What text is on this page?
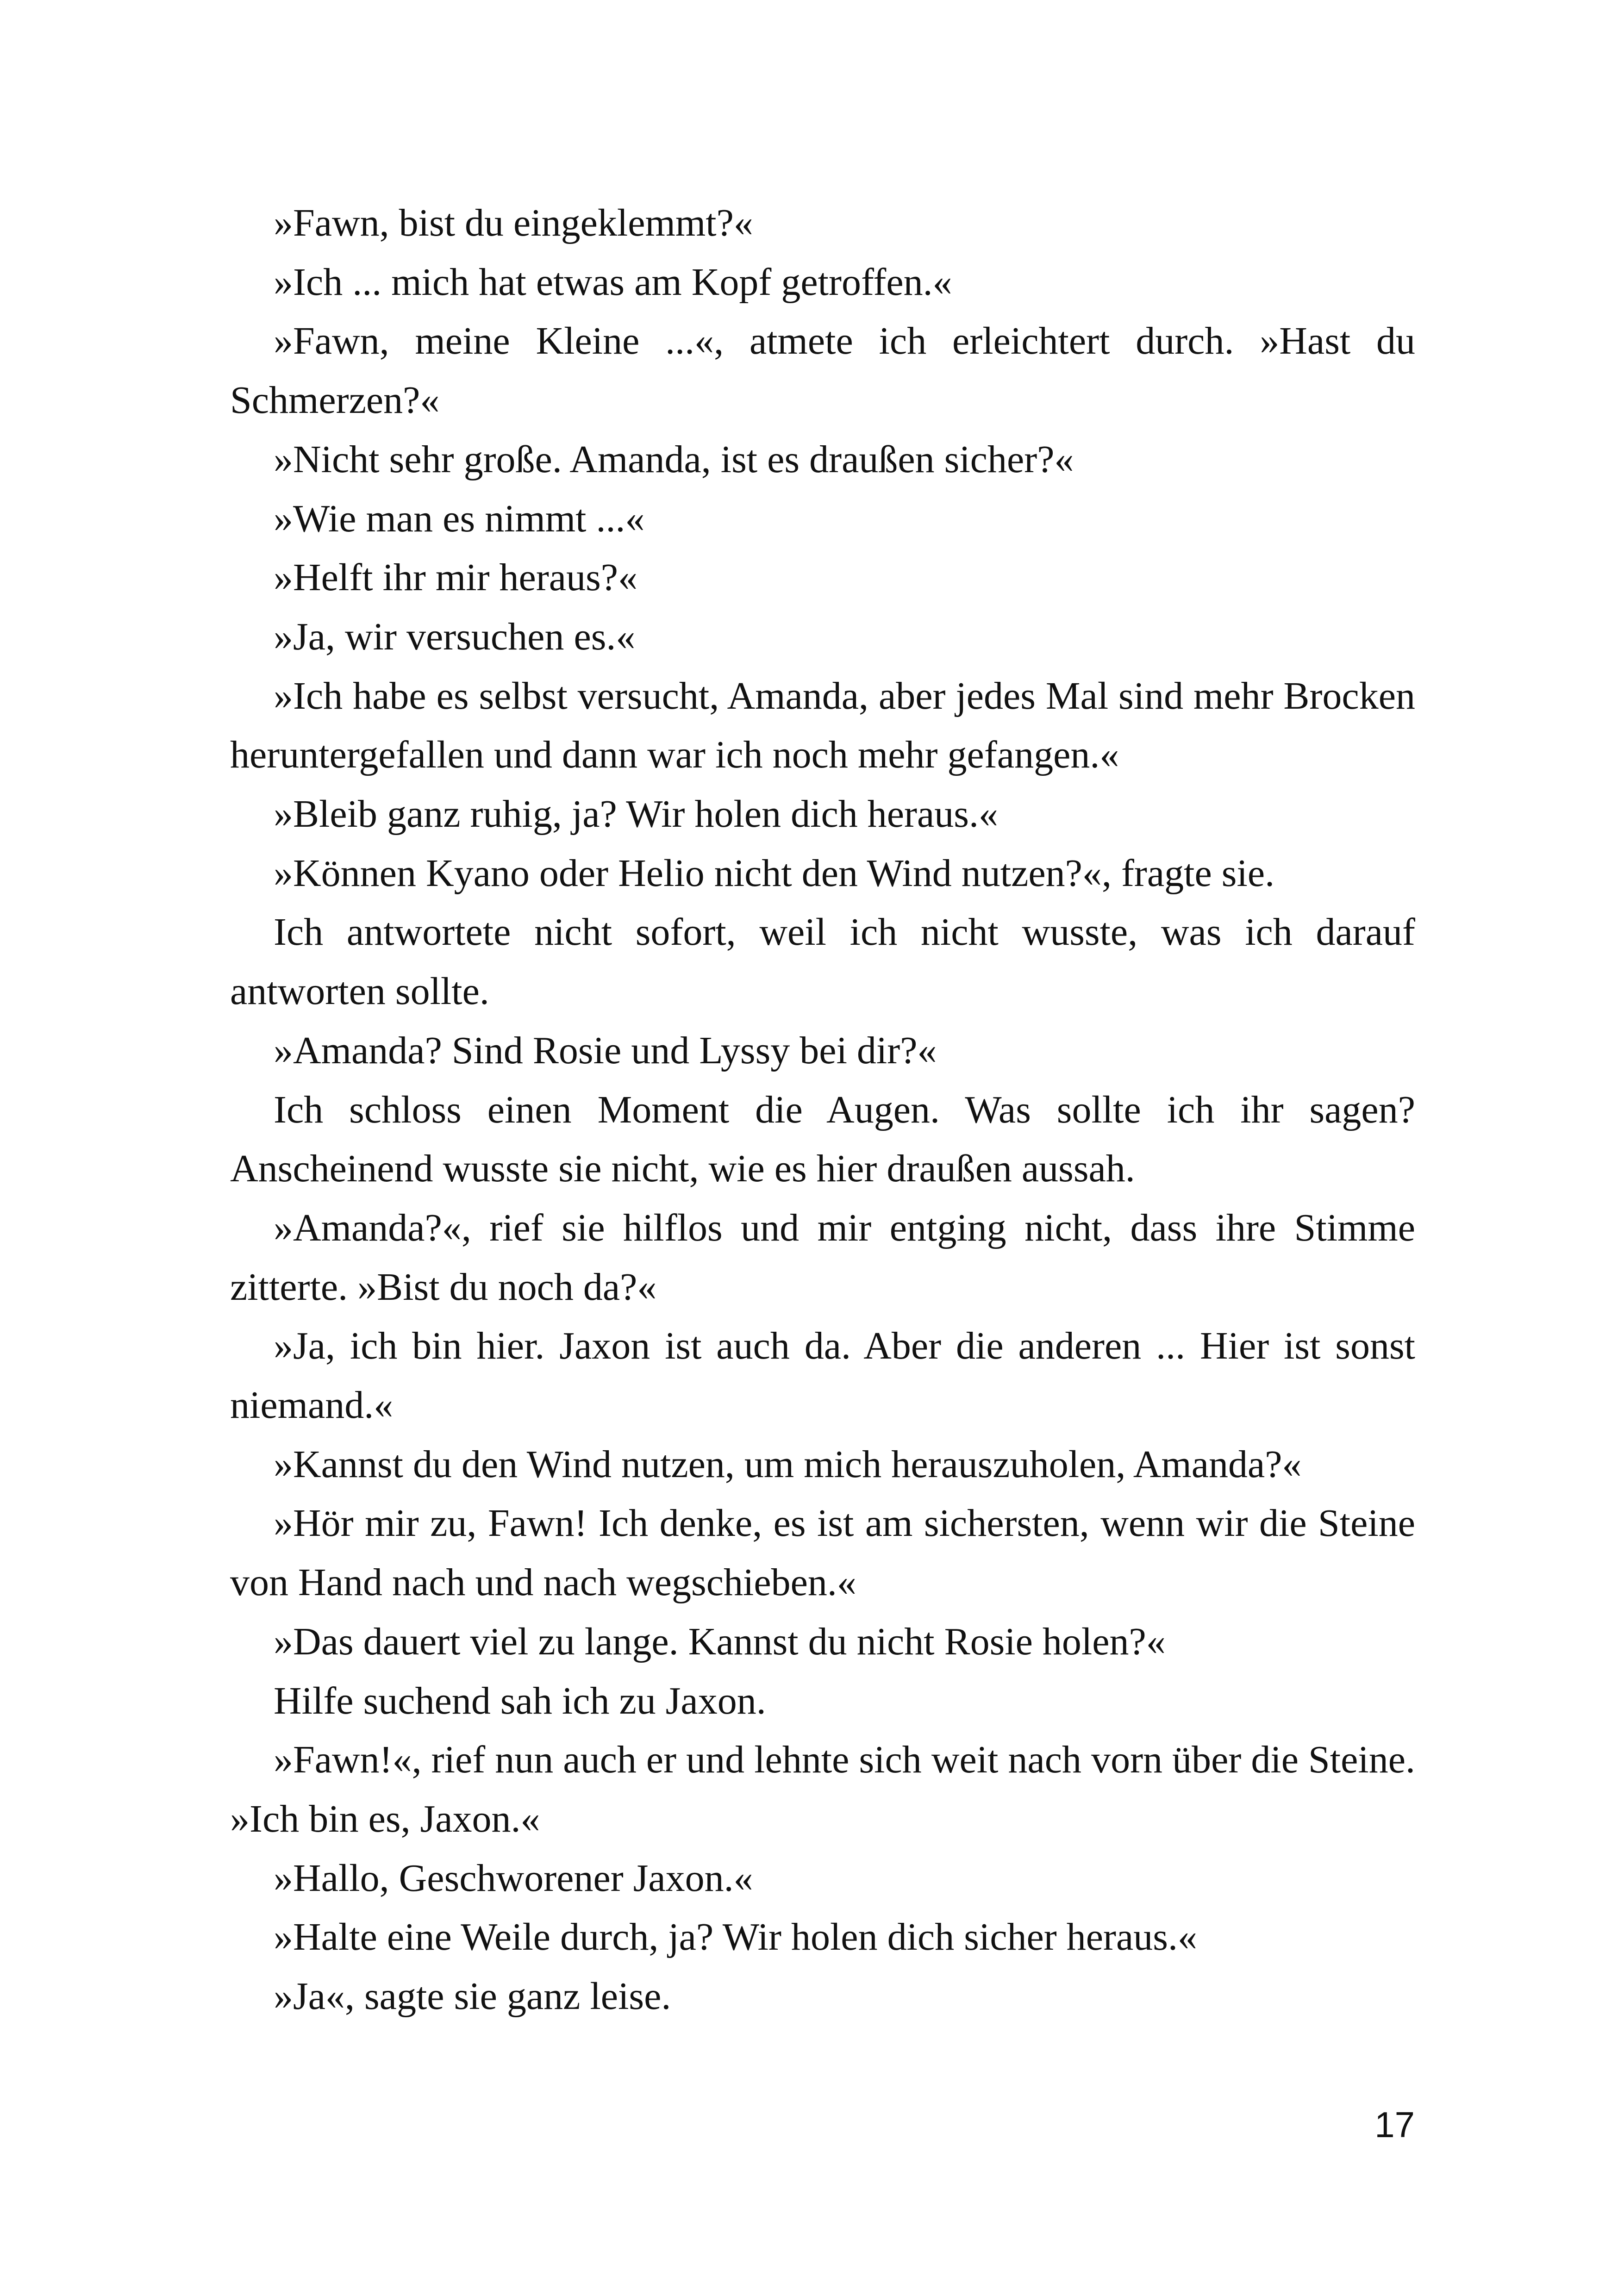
»Fawn, bist du eingeklemmt?«

»Ich ... mich hat etwas am Kopf getroffen.«

»Fawn, meine Kleine ...«, atmete ich erleichtert durch. »Hast du Schmerzen?«

»Nicht sehr große. Amanda, ist es draußen sicher?«

»Wie man es nimmt ...«

»Helft ihr mir heraus?«

»Ja, wir versuchen es.«

»Ich habe es selbst versucht, Amanda, aber jedes Mal sind mehr Brocken heruntergefallen und dann war ich noch mehr gefangen.«

»Bleib ganz ruhig, ja? Wir holen dich heraus.«

»Können Kyano oder Helio nicht den Wind nutzen?«, fragte sie.

Ich antwortete nicht sofort, weil ich nicht wusste, was ich darauf antworten sollte.

»Amanda? Sind Rosie und Lyssy bei dir?«

Ich schloss einen Moment die Augen. Was sollte ich ihr sagen? Anscheinend wusste sie nicht, wie es hier draußen aussah.

»Amanda?«, rief sie hilflos und mir entging nicht, dass ihre Stimme zitterte. »Bist du noch da?«

»Ja, ich bin hier. Jaxon ist auch da. Aber die anderen ... Hier ist sonst niemand.«

»Kannst du den Wind nutzen, um mich herauszuholen, Amanda?«

»Hör mir zu, Fawn! Ich denke, es ist am sichersten, wenn wir die Steine von Hand nach und nach wegschieben.«

»Das dauert viel zu lange. Kannst du nicht Rosie holen?«

Hilfe suchend sah ich zu Jaxon.

»Fawn!«, rief nun auch er und lehnte sich weit nach vorn über die Steine. »Ich bin es, Jaxon.«

»Hallo, Geschworener Jaxon.«

»Halte eine Weile durch, ja? Wir holen dich sicher heraus.«

»Ja«, sagte sie ganz leise.

17
